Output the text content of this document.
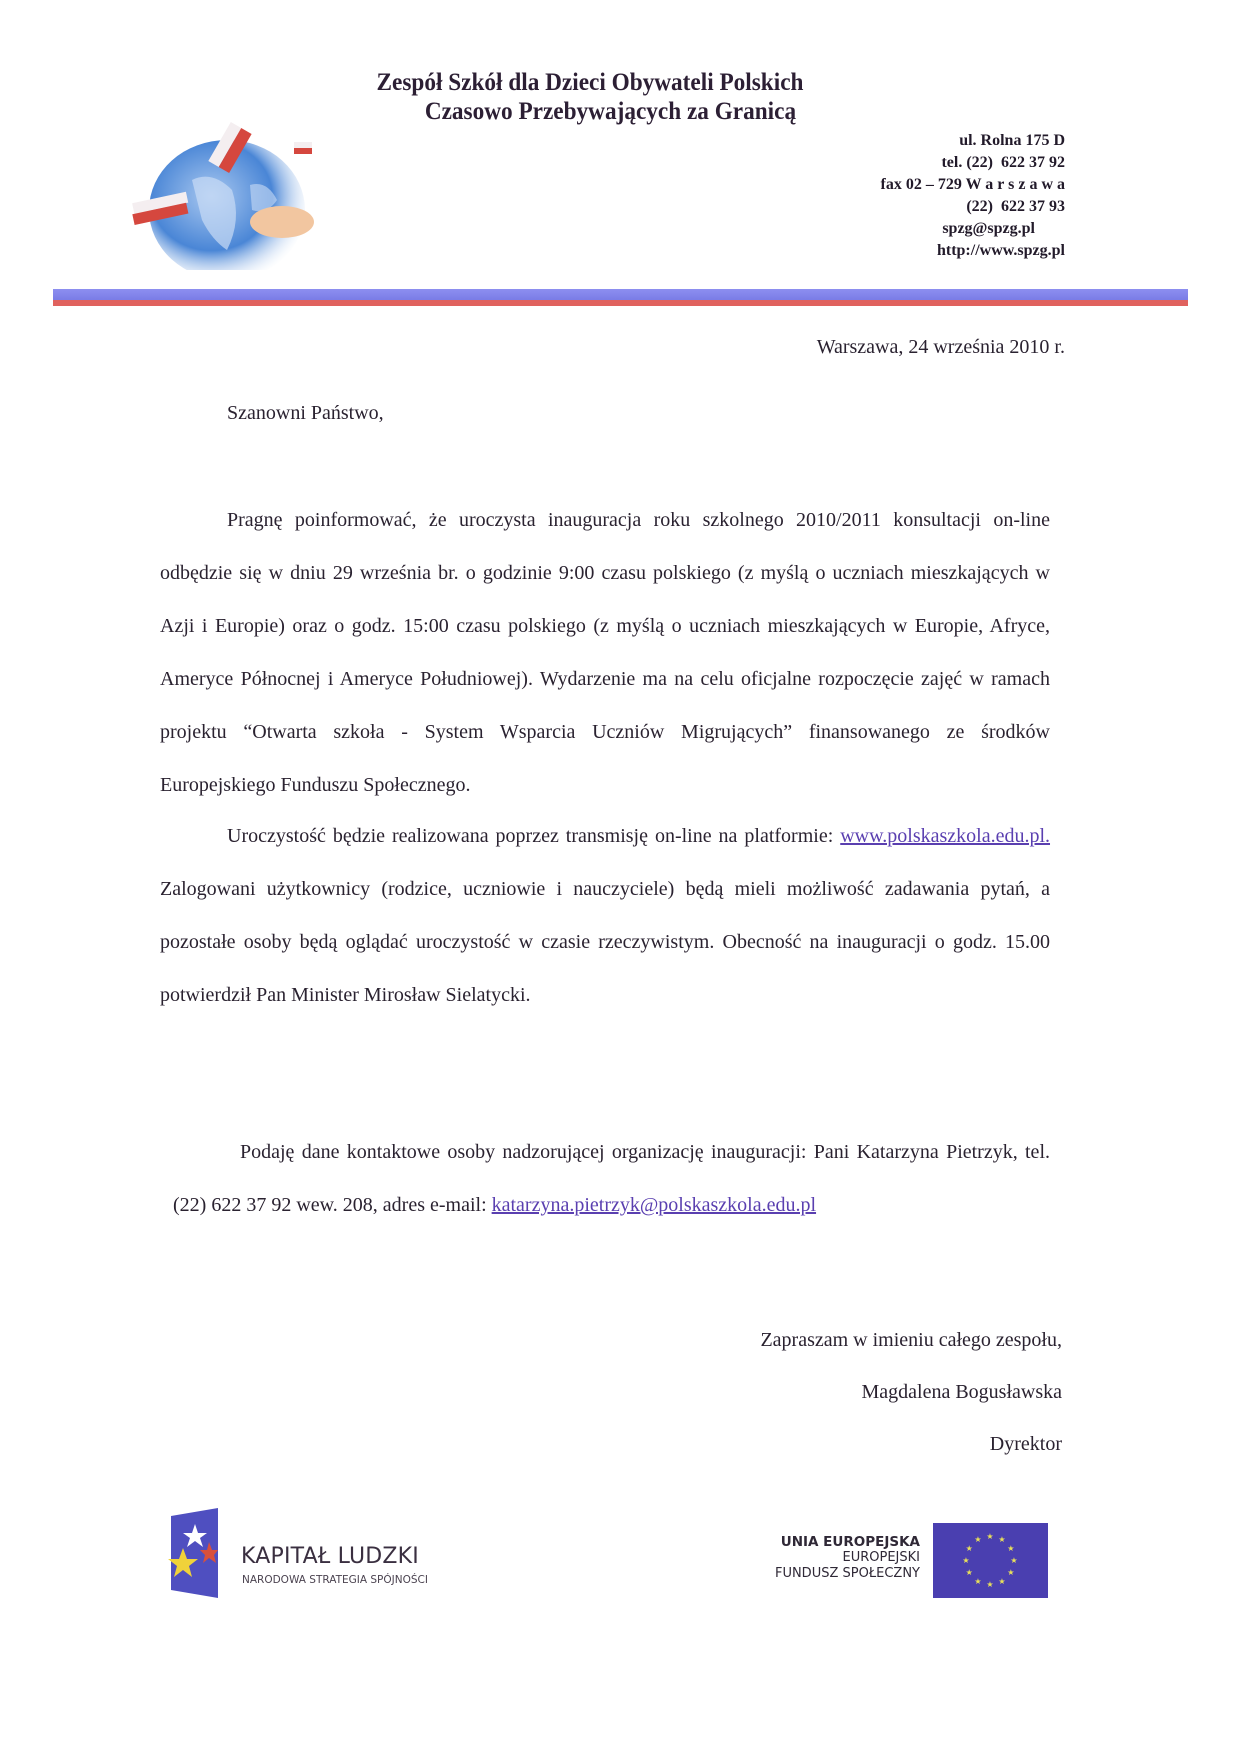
Zespół Szkół dla Dzieci Obywateli Polskich
Czasowo Przebywających za Granicą
ul. Rolna 175 D
tel. (22)  622 37 92
fax 02 – 729 W a r s z a w a
(22)  622 37 93
spzg@spzg.pl
http://www.spzg.pl
Warszawa, 24 września 2010 r.
Szanowni Państwo,
Pragnę poinformować, że uroczysta inauguracja roku szkolnego 2010/2011 konsultacji on-line odbędzie się w dniu 29 września br. o godzinie 9:00 czasu polskiego (z myślą o uczniach mieszkających w Azji i Europie) oraz o godz. 15:00 czasu polskiego (z myślą o uczniach mieszkających w Europie, Afryce, Ameryce Północnej i Ameryce Południowej). Wydarzenie ma na celu oficjalne rozpoczęcie zajęć w ramach projektu “Otwarta szkoła - System Wsparcia Uczniów Migrujących” finansowanego ze środków Europejskiego Funduszu Społecznego.
Uroczystość będzie realizowana poprzez transmisję on-line na platformie: www.polskaszkola.edu.pl. Zalogowani użytkownicy (rodzice, uczniowie i nauczyciele) będą mieli możliwość zadawania pytań, a pozostałe osoby będą oglądać uroczystość w czasie rzeczywistym. Obecność na inauguracji o godz. 15.00 potwierdził Pan Minister Mirosław Sielatycki.
Podaję dane kontaktowe osoby nadzorującej organizację inauguracji: Pani Katarzyna Pietrzyk, tel. (22) 622 37 92 wew. 208, adres e-mail: katarzyna.pietrzyk@polskaszkola.edu.pl
Zapraszam w imieniu całego zespołu,
Magdalena Bogusławska
Dyrektor
KAPITAŁ LUDZKI
NARODOWA STRATEGIA SPÓJNOŚCI
UNIA EUROPEJSKA
EUROPEJSKI
FUNDUSZ SPOŁECZNY
★ ★
★
★
★
★
★
★
★
★
★
★
